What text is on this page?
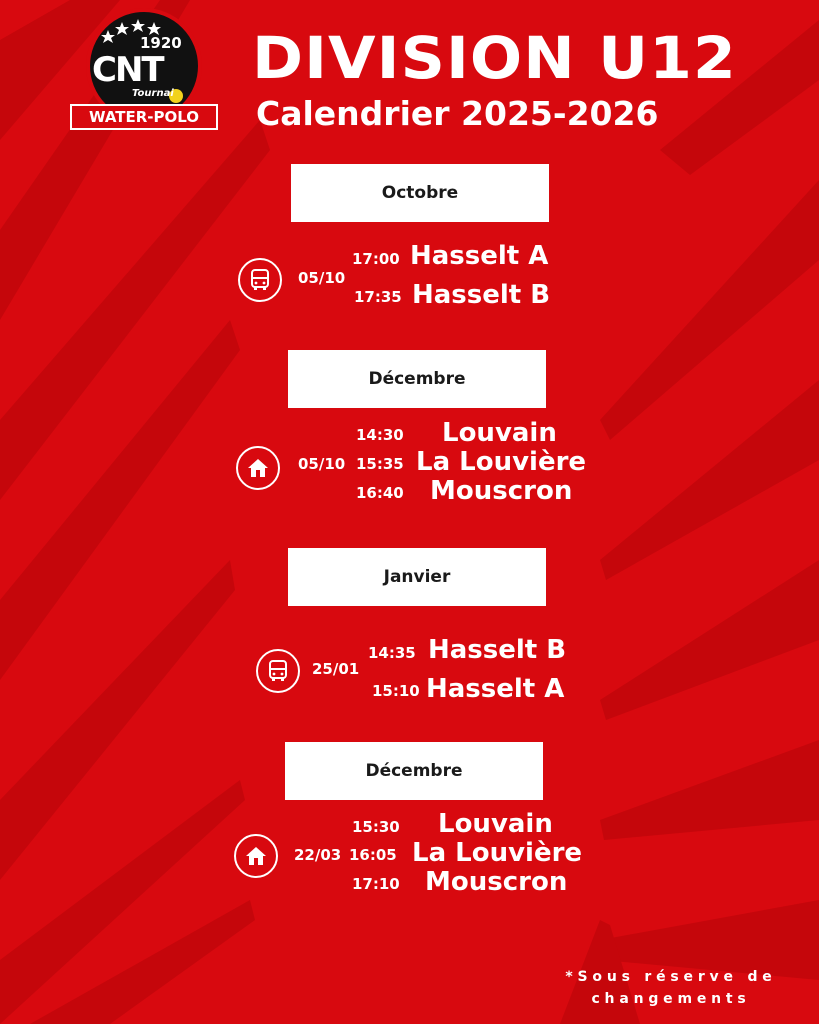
1920
CNT
Tournai
WATER-POLO
DIVISION U12
Calendrier 2025-2026
Octobre
05/10
17:00 Hasselt A
17:35 Hasselt B
Décembre
14:30 Louvain
05/10 15:35 La Louvière
16:40 Mouscron
Janvier
25/01
14:35 Hasselt B
15:10 Hasselt A
Décembre
15:30 Louvain
22/03 16:05 La Louvière
17:10 Mouscron
*Sous réserve de changements
